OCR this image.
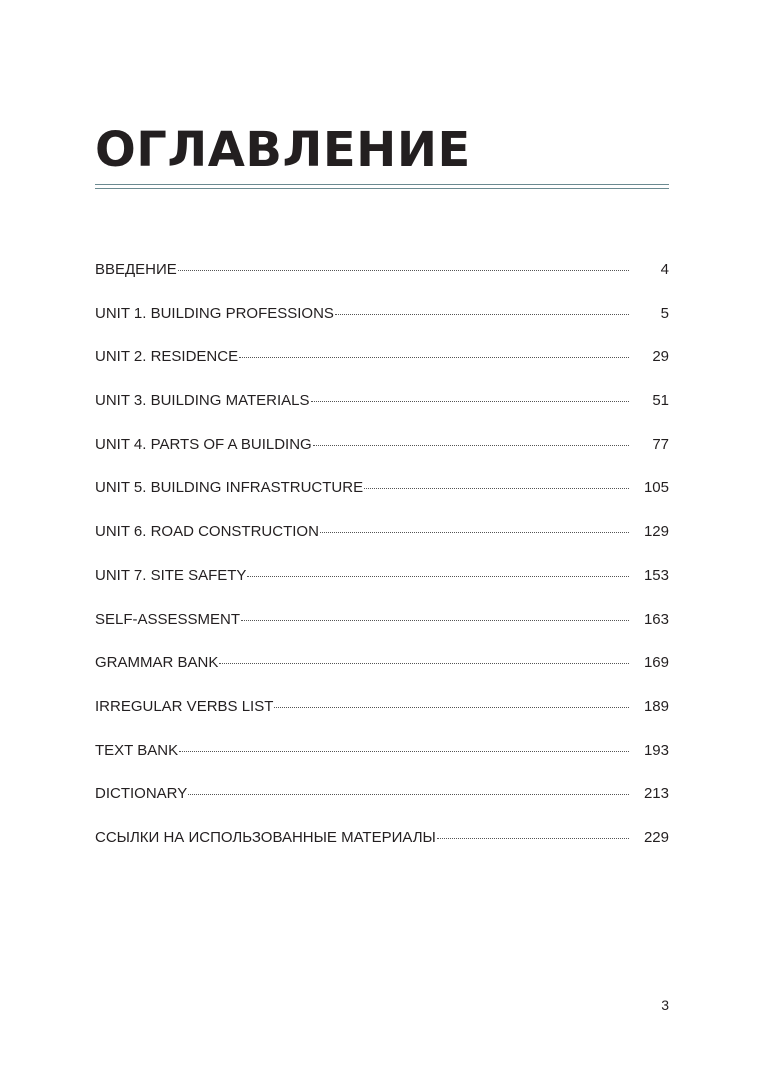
ОГЛАВЛЕНИЕ
ВВЕДЕНИЕ	4
UNIT 1. BUILDING PROFESSIONS	5
UNIT 2. RESIDENCE	29
UNIT 3. BUILDING MATERIALS	51
UNIT 4. PARTS OF A BUILDING	77
UNIT 5. BUILDING INFRASTRUCTURE	105
UNIT 6. ROAD CONSTRUCTION	129
UNIT 7. SITE SAFETY	153
SELF-ASSESSMENT	163
GRAMMAR BANK	169
IRREGULAR VERBS LIST	189
TEXT BANK	193
DICTIONARY	213
ССЫЛКИ НА ИСПОЛЬЗОВАННЫЕ МАТЕРИАЛЫ	229
3
